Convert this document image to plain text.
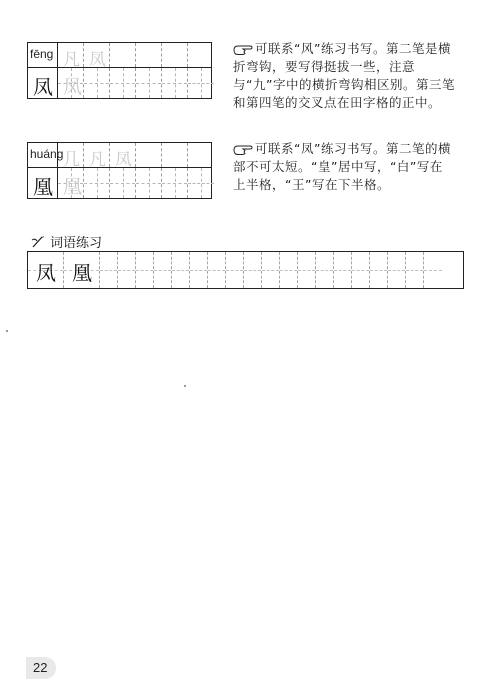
fēng 凡 凤
凤 凤
可联系“风”练习书写。第二笔是横折弯钩，要写得挺拔一些，注意与“九”字中的横折弯钩相区别。第三笔和第四笔的交叉点在田字格的正中。
huáng 几 凡 凤
凰 凰
可联系“凤”练习书写。第二笔的横部不可太短。“皇”居中写，“白”写在上半格，“王”写在下半格。
词语练习
凤 凰
22
